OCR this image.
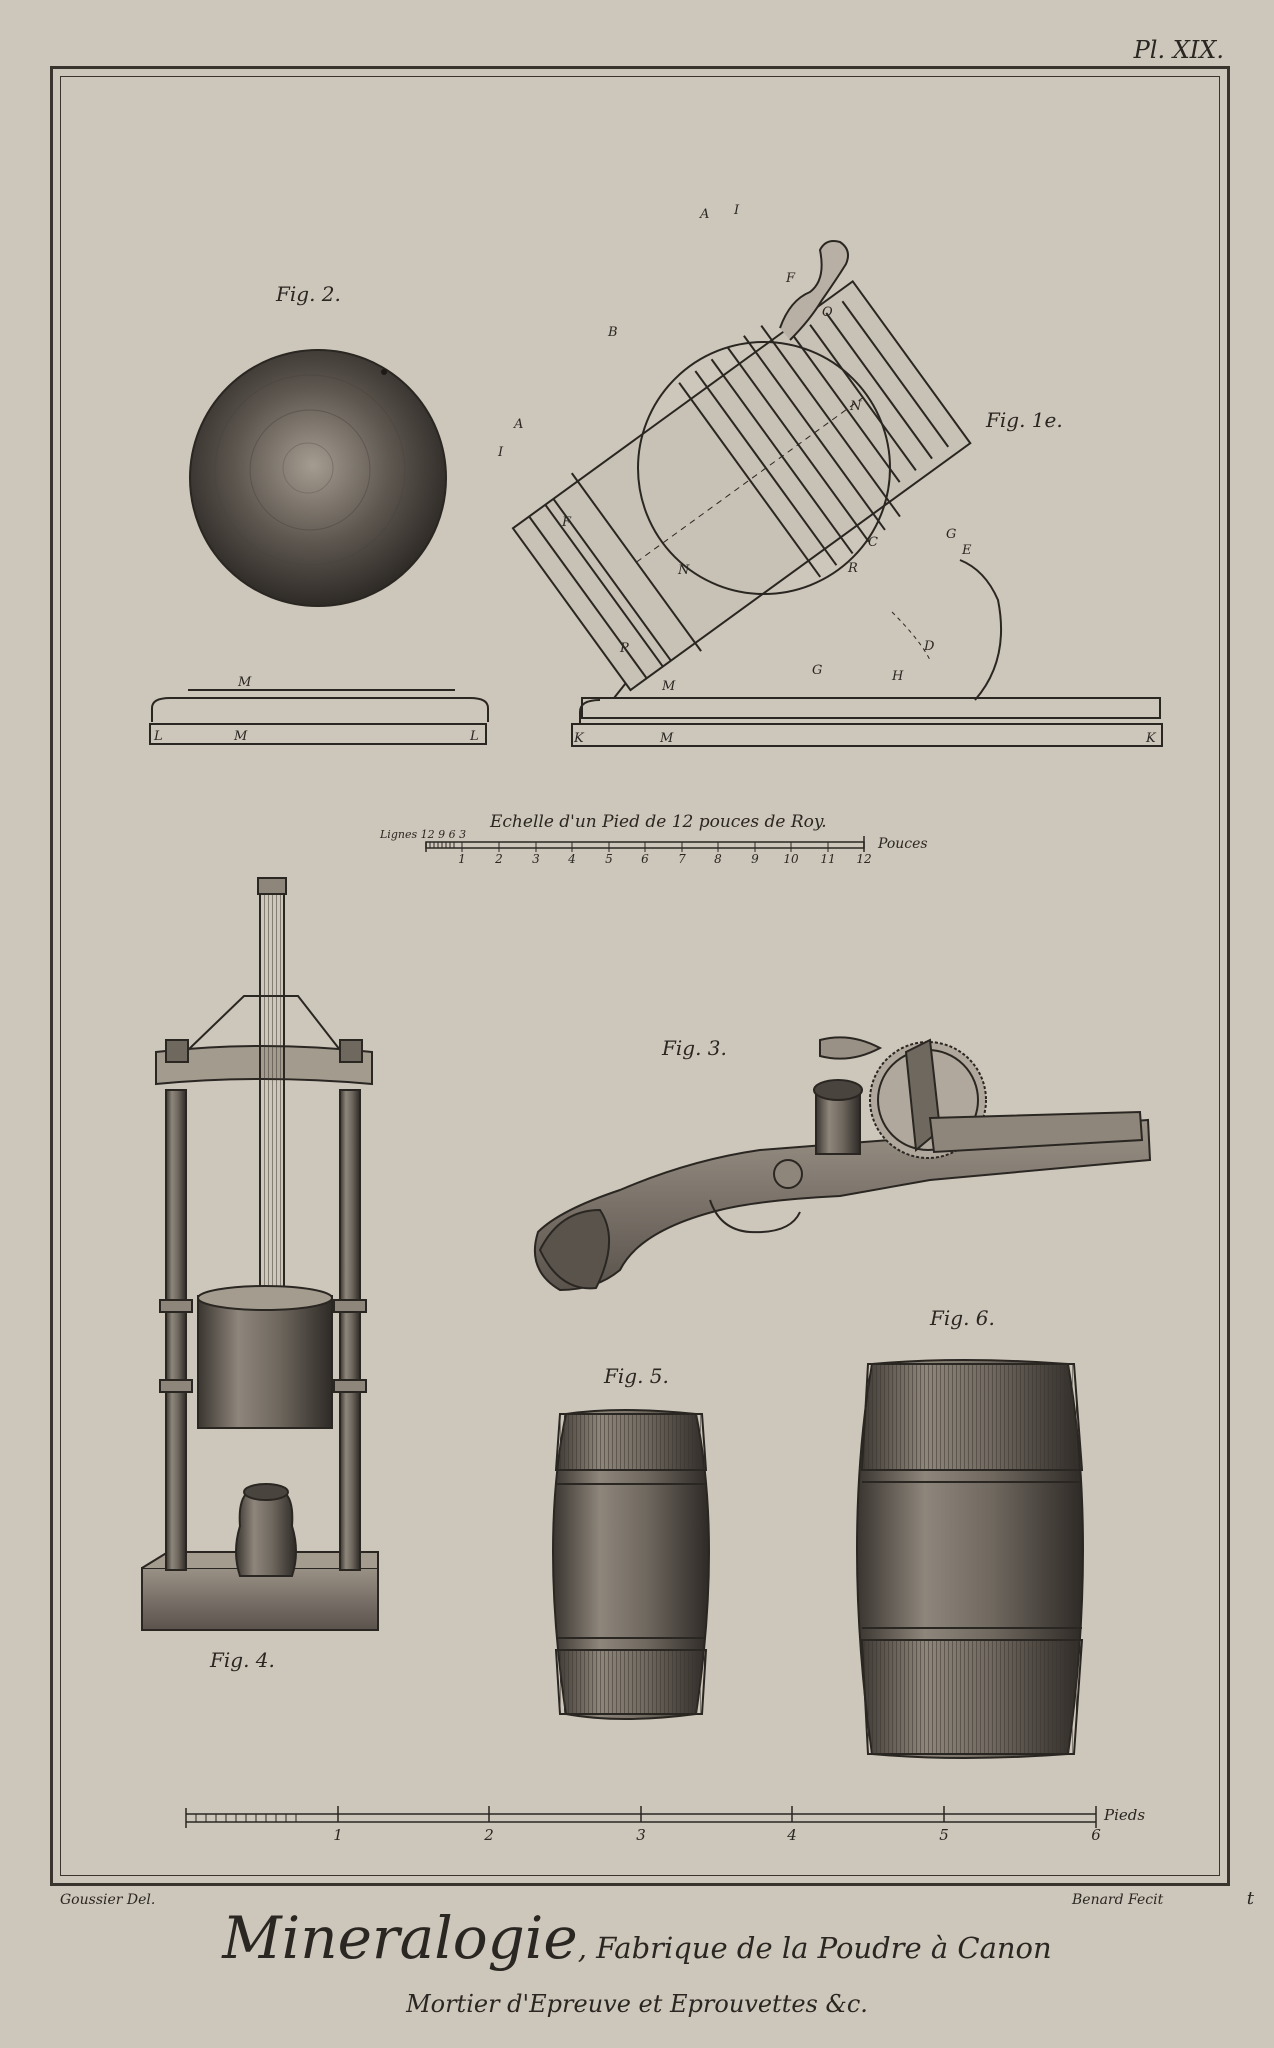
Pl. XIX.
M
M
L	L
A I
F
O
B
A
I
F
N
N
C
R
G
E
D
H
G
P
M
M
K	K
Fig. 2.
Fig. 1e.
Fig. 3.
Fig. 4.
Fig. 5.
Fig. 6.
Echelle d'un Pied de 12 pouces de Roy.
Lignes 12 9 6 3
Pouces
1 2 3 4 5 6 7 8 9 10 11 12
Pieds
1	2	3	4	5	6
Goussier Del.	Benard Fecit	t
Mineralogie, Fabrique de la Poudre à Canon
Mortier d'Epreuve et Eprouvettes &c.
